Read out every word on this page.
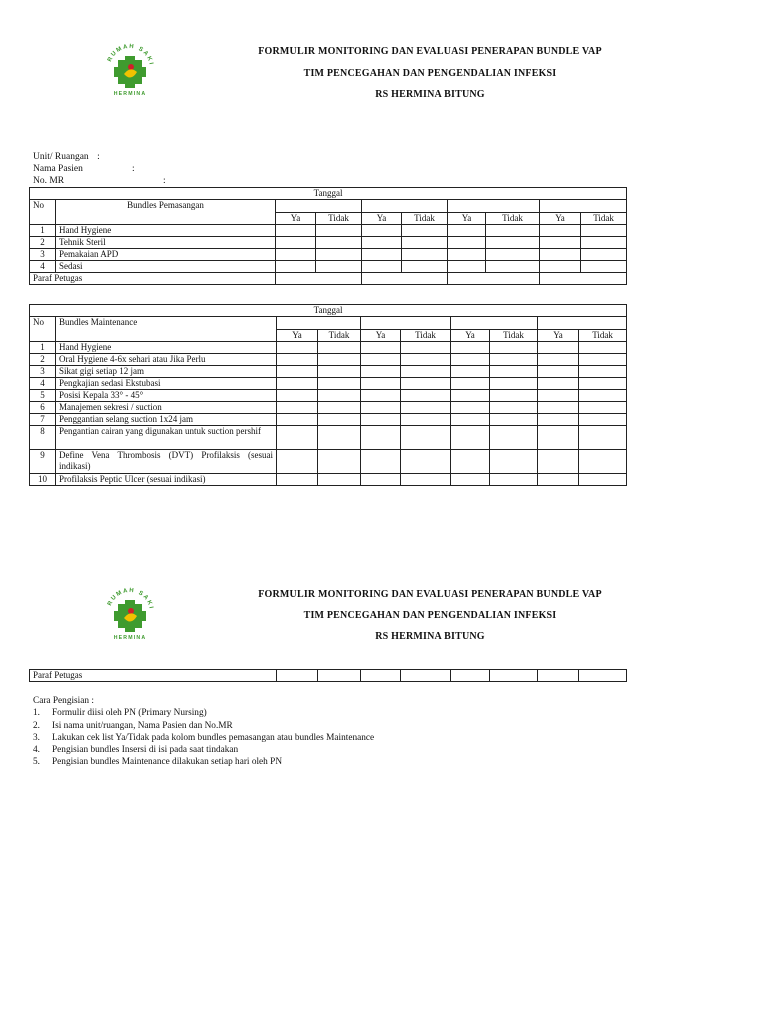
RUMAH SAKI
HERMINA
FORMULIR MONITORING DAN EVALUASI PENERAPAN BUNDLE VAP
TIM PENCEGAHAN DAN PENGENDALIAN INFEKSI
RS HERMINA BITUNG
Unit/ Ruangan :
Nama Pasien	:
No. MR	:
Tanggal									
No	Bundles Pemasangan								
		Ya	Tidak	Ya	Tidak	Ya	Tidak	Ya	Tidak
1	Hand Hygiene								
2	Tehnik Steril								
3	Pemakaian APD								
4	Sedasi								
Paraf Petugas									
Tanggal									
No	Bundles Maintenance								
		Ya	Tidak	Ya	Tidak	Ya	Tidak	Ya	Tidak
1	Hand Hygiene								
2	Oral Hygiene 4-6x sehari atau Jika Perlu								
3	Sikat gigi setiap 12 jam								
4	Pengkajian sedasi Ekstubasi								
5	Posisi Kepala 33° - 45°								
6	Manajemen sekresi / suction								
7	Penggantian selang suction 1x24 jam								
8	Pengantian cairan yang digunakan untuk suction pershif								
9	Define Vena Thrombosis (DVT) Profilaksis (sesuai indikasi)								
10	Profilaksis Peptic Ulcer (sesuai indikasi)								
RUMAH SAKI
HERMINA
FORMULIR MONITORING DAN EVALUASI PENERAPAN BUNDLE VAP
TIM PENCEGAHAN DAN PENGENDALIAN INFEKSI
RS HERMINA BITUNG
Paraf Petugas								
Cara Pengisian :
1.	Formulir diisi oleh PN (Primary Nursing)
2.	Isi nama unit/ruangan, Nama Pasien dan No.MR
3.	Lakukan cek list Ya/Tidak pada kolom bundles pemasangan atau bundles Maintenance
4.	Pengisian bundles Insersi di isi pada saat tindakan
5.	Pengisian bundles Maintenance dilakukan setiap hari oleh PN
